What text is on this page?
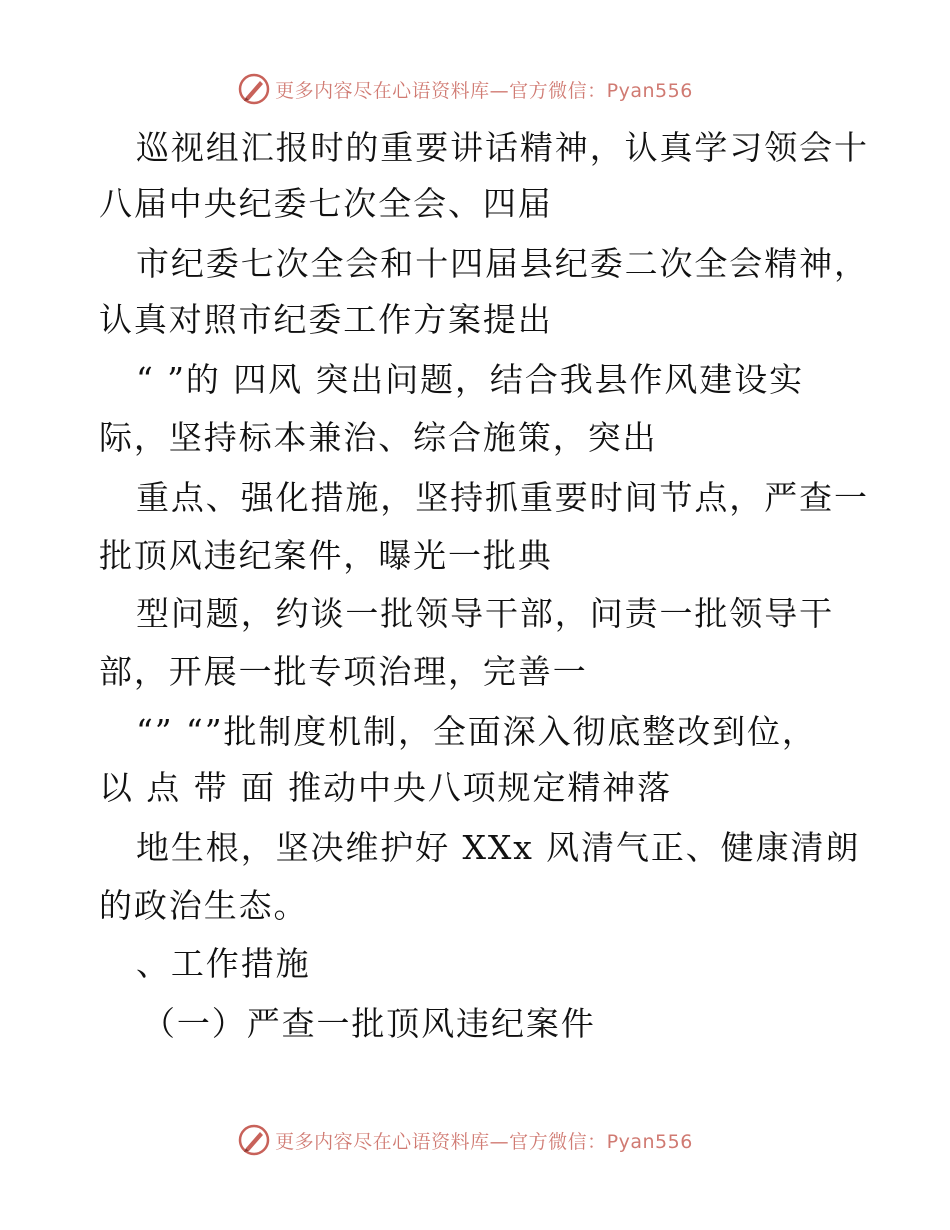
更多内容尽在心语资料库—官方微信：Pyan556
巡视组汇报时的重要讲话精神，认真学习领会十
八届中央纪委七次全会、四届
市纪委七次全会和十四届县纪委二次全会精神，
认真对照市纪委工作方案提出
“ ”的 四风 突出问题，结合我县作风建设实
际，坚持标本兼治、综合施策，突出
重点、强化措施，坚持抓重要时间节点，严查一
批顶风违纪案件，曝光一批典
型问题，约谈一批领导干部，问责一批领导干
部，开展一批专项治理，完善一
“” “”批制度机制，全面深入彻底整改到位，
以 点 带 面 推动中央八项规定精神落
地生根，坚决维护好 XXx 风清气正、健康清朗
的政治生态。
、工作措施
（一）严查一批顶风违纪案件
更多内容尽在心语资料库—官方微信：Pyan556
